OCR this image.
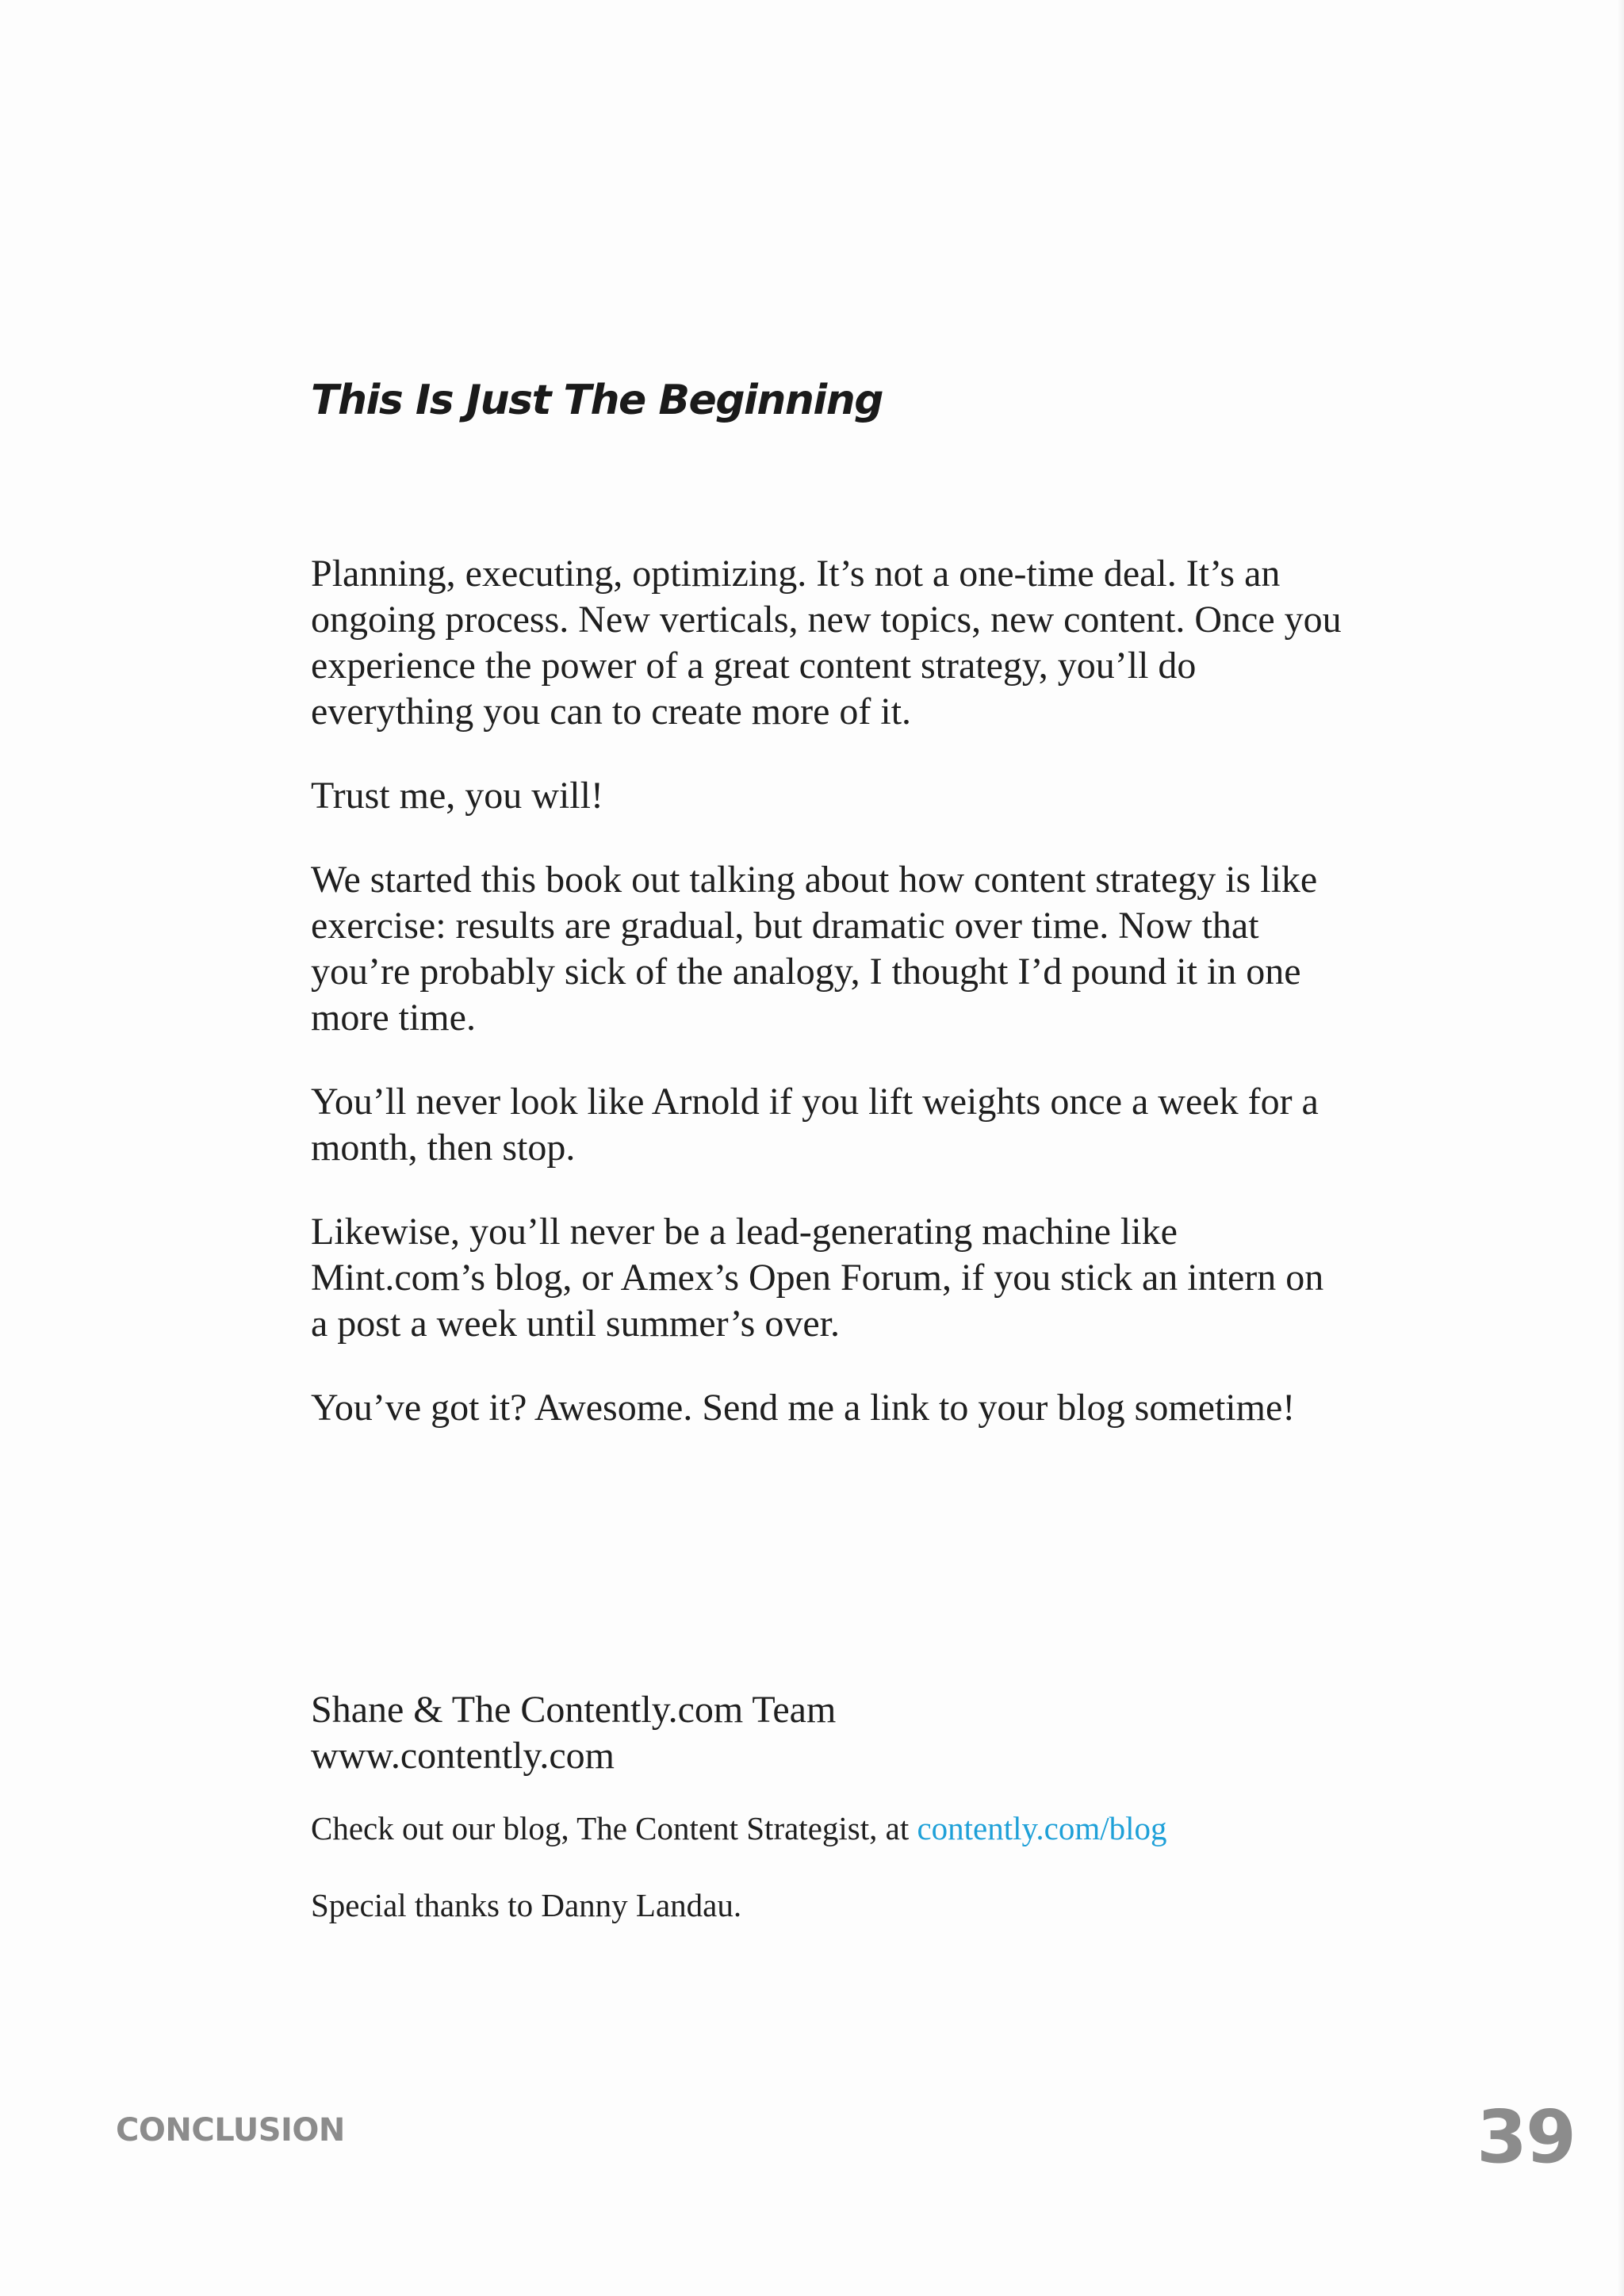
This Is Just The Beginning

Planning, executing, optimizing. It’s not a one-time deal. It’s an ongoing process. New verticals, new topics, new content. Once you experience the power of a great content strategy, you’ll do everything you can to create more of it.

Trust me, you will!

We started this book out talking about how content strategy is like exercise: results are gradual, but dramatic over time. Now that you’re probably sick of the analogy, I thought I’d pound it in one more time.

You’ll never look like Arnold if you lift weights once a week for a month, then stop.

Likewise, you’ll never be a lead-generating machine like Mint.com’s blog, or Amex’s Open Forum, if you stick an intern on a post a week until summer’s over.

You’ve got it? Awesome. Send me a link to your blog sometime!

Shane & The Contently.com Team

www.contently.com

Check out our blog, The Content Strategist, at contently.com/blog

Special thanks to Danny Landau.

CONCLUSION	39
